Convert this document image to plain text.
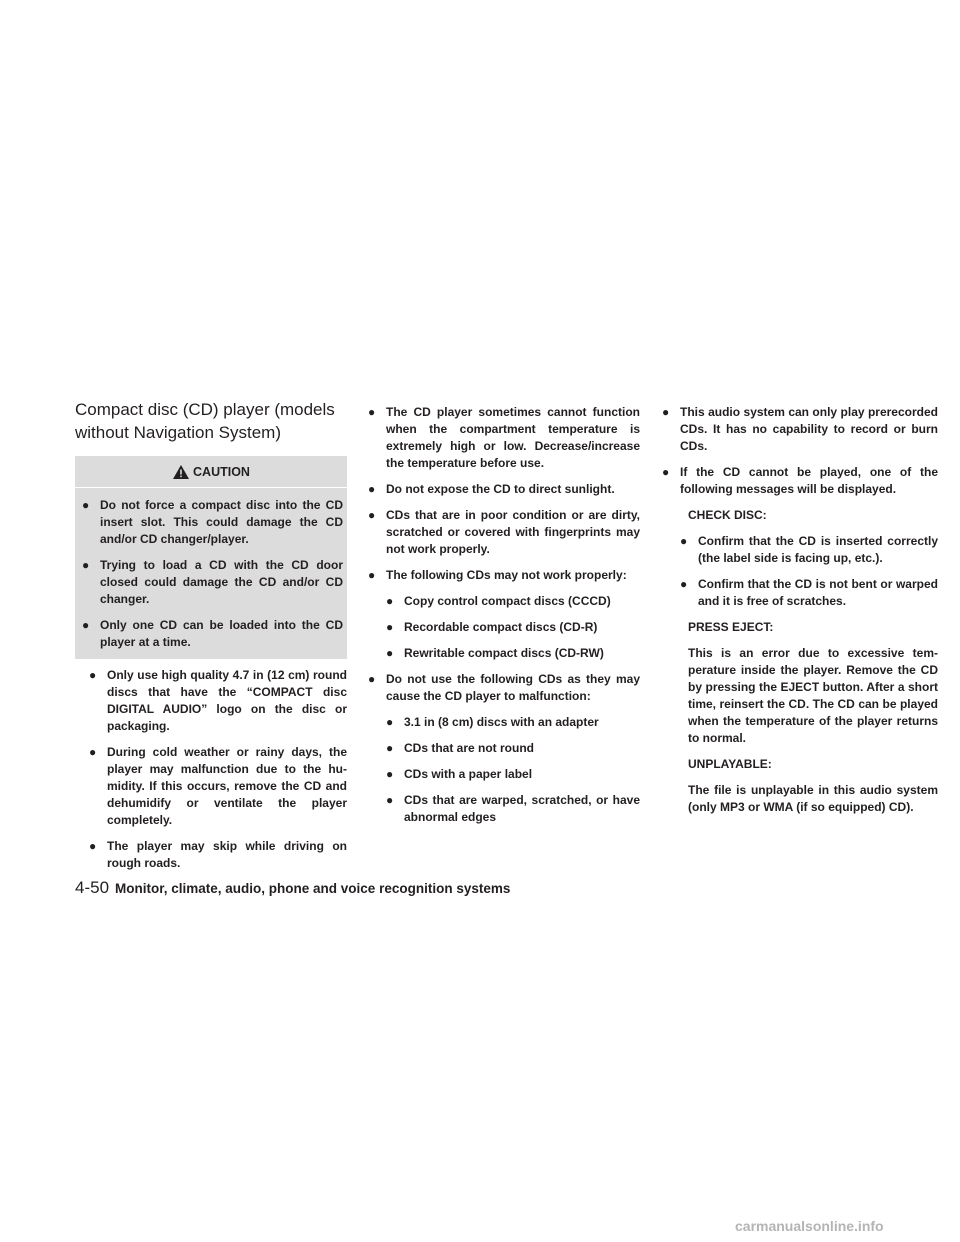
Compact disc (CD) player (models without Navigation System)
CAUTION
● Do not force a compact disc into the CD insert slot. This could damage the CD and/or CD changer/player.
● Trying to load a CD with the CD door closed could damage the CD and/or CD changer.
● Only one CD can be loaded into the CD player at a time.
● Only use high quality 4.7 in (12 cm) round discs that have the “COMPACT disc DIGITAL AUDIO” logo on the disc or packaging.
● During cold weather or rainy days, the player may malfunction due to the humidity. If this occurs, remove the CD and dehumidify or ventilate the player completely.
● The player may skip while driving on rough roads.
● The CD player sometimes cannot function when the compartment temperature is extremely high or low. Decrease/increase the temperature before use.
● Do not expose the CD to direct sunlight.
● CDs that are in poor condition or are dirty, scratched or covered with fingerprints may not work properly.
● The following CDs may not work properly:
● Copy control compact discs (CCCD)
● Recordable compact discs (CD-R)
● Rewritable compact discs (CD-RW)
● Do not use the following CDs as they may cause the CD player to malfunction:
● 3.1 in (8 cm) discs with an adapter
● CDs that are not round
● CDs with a paper label
● CDs that are warped, scratched, or have abnormal edges
● This audio system can only play prerecorded CDs. It has no capability to record or burn CDs.
● If the CD cannot be played, one of the following messages will be displayed.
CHECK DISC:
● Confirm that the CD is inserted correctly (the label side is facing up, etc.).
● Confirm that the CD is not bent or warped and it is free of scratches.
PRESS EJECT:
This is an error due to excessive temperature inside the player. Remove the CD by pressing the EJECT button. After a short time, reinsert the CD. The CD can be played when the temperature of the player returns to normal.
UNPLAYABLE:
The file is unplayable in this audio system (only MP3 or WMA (if so equipped) CD).
4-50 Monitor, climate, audio, phone and voice recognition systems
carmanualsonline.info
